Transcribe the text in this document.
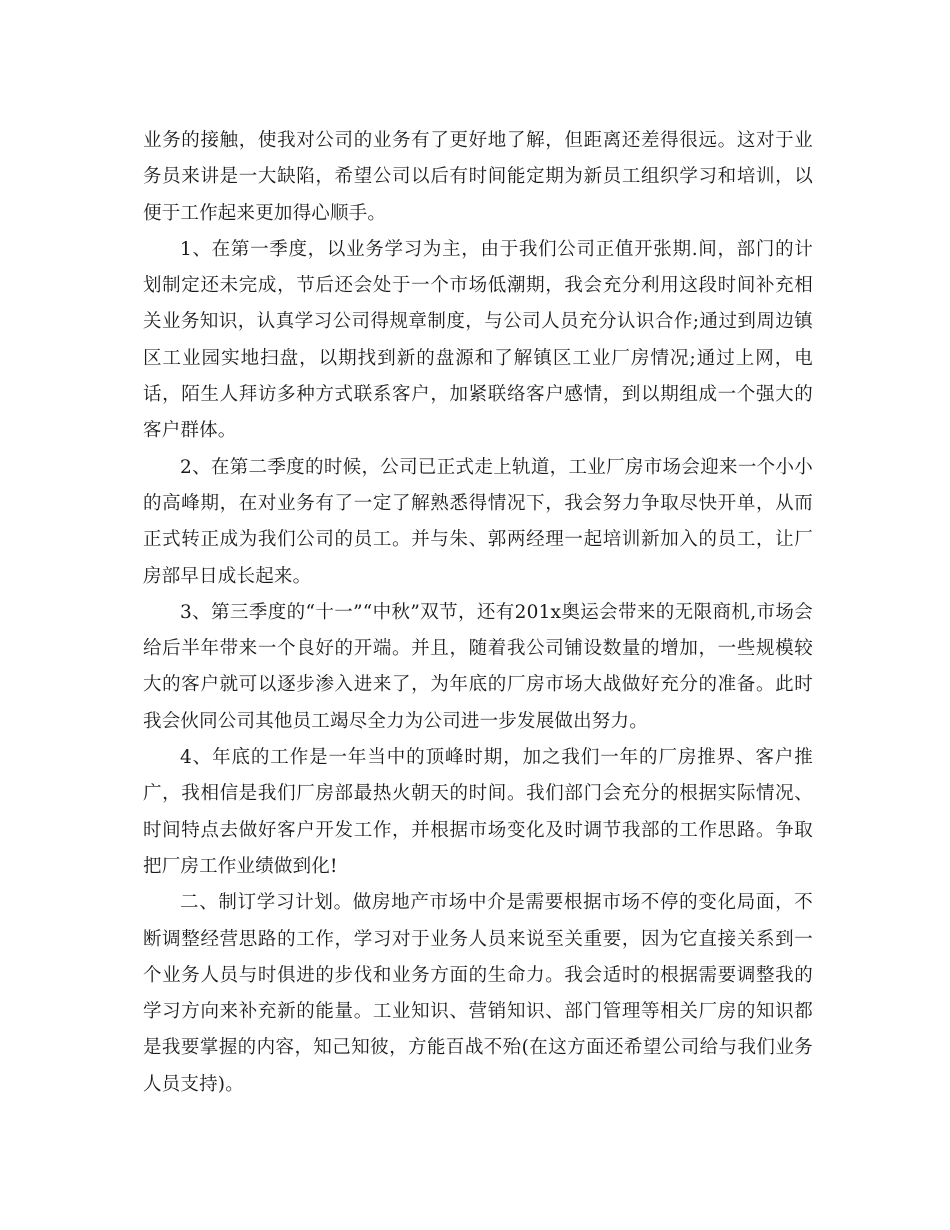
业务的接触，使我对公司的业务有了更好地了解，但距离还差得很远。这对于业务员来讲是一大缺陷，希望公司以后有时间能定期为新员工组织学习和培训，以便于工作起来更加得心顺手。

1、在第一季度，以业务学习为主，由于我们公司正值开张期.间，部门的计划制定还未完成，节后还会处于一个市场低潮期，我会充分利用这段时间补充相关业务知识，认真学习公司得规章制度，与公司人员充分认识合作;通过到周边镇区工业园实地扫盘，以期找到新的盘源和了解镇区工业厂房情况;通过上网，电话，陌生人拜访多种方式联系客户，加紧联络客户感情，到以期组成一个强大的客户群体。

2、在第二季度的时候，公司已正式走上轨道，工业厂房市场会迎来一个小小的高峰期，在对业务有了一定了解熟悉得情况下，我会努力争取尽快开单，从而正式转正成为我们公司的员工。并与朱、郭两经理一起培训新加入的员工，让厂房部早日成长起来。

3、第三季度的“十一”“中秋”双节，还有201x奥运会带来的无限商机,市场会给后半年带来一个良好的开端。并且，随着我公司铺设数量的增加，一些规模较大的客户就可以逐步渗入进来了，为年底的厂房市场大战做好充分的准备。此时我会伙同公司其他员工竭尽全力为公司进一步发展做出努力。

4、年底的工作是一年当中的顶峰时期，加之我们一年的厂房推界、客户推广，我相信是我们厂房部最热火朝天的时间。我们部门会充分的根据实际情况、时间特点去做好客户开发工作，并根据市场变化及时调节我部的工作思路。争取把厂房工作业绩做到化!

二、制订学习计划。做房地产市场中介是需要根据市场不停的变化局面，不断调整经营思路的工作，学习对于业务人员来说至关重要，因为它直接关系到一个业务人员与时俱进的步伐和业务方面的生命力。我会适时的根据需要调整我的学习方向来补充新的能量。工业知识、营销知识、部门管理等相关厂房的知识都是我要掌握的内容，知己知彼，方能百战不殆(在这方面还希望公司给与我们业务人员支持)。
